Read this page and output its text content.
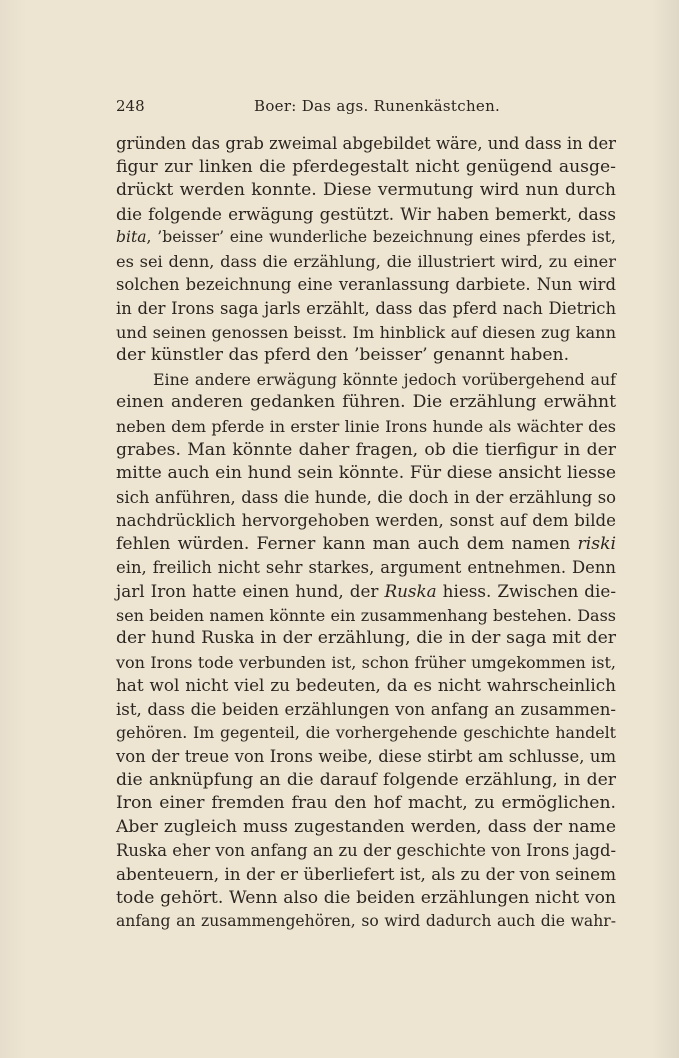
248	Boer: Das ags. Runenkästchen.
gründen das grab zweimal abgebildet wäre, und dass in der
figur zur linken die pferdegestalt nicht genügend ausge-
drückt werden konnte. Diese vermutung wird nun durch
die folgende erwägung gestützt. Wir haben bemerkt, dass
bita, ’beisser’ eine wunderliche bezeichnung eines pferdes ist,
es sei denn, dass die erzählung, die illustriert wird, zu einer
solchen bezeichnung eine veranlassung darbiete. Nun wird
in der Irons saga jarls erzählt, dass das pferd nach Dietrich
und seinen genossen beisst. Im hinblick auf diesen zug kann
der künstler das pferd den ’beisser’ genannt haben.
Eine andere erwägung könnte jedoch vorübergehend auf
einen anderen gedanken führen. Die erzählung erwähnt
neben dem pferde in erster linie Irons hunde als wächter des
grabes. Man könnte daher fragen, ob die tierfigur in der
mitte auch ein hund sein könnte. Für diese ansicht liesse
sich anführen, dass die hunde, die doch in der erzählung so
nachdrücklich hervorgehoben werden, sonst auf dem bilde
fehlen würden. Ferner kann man auch dem namen riski
ein, freilich nicht sehr starkes, argument entnehmen. Denn
jarl Iron hatte einen hund, der Ruska hiess. Zwischen die-
sen beiden namen könnte ein zusammenhang bestehen. Dass
der hund Ruska in der erzählung, die in der saga mit der
von Irons tode verbunden ist, schon früher umgekommen ist,
hat wol nicht viel zu bedeuten, da es nicht wahrscheinlich
ist, dass die beiden erzählungen von anfang an zusammen-
gehören. Im gegenteil, die vorhergehende geschichte handelt
von der treue von Irons weibe, diese stirbt am schlusse, um
die anknüpfung an die darauf folgende erzählung, in der
Iron einer fremden frau den hof macht, zu ermöglichen.
Aber zugleich muss zugestanden werden, dass der name
Ruska eher von anfang an zu der geschichte von Irons jagd-
abenteuern, in der er überliefert ist, als zu der von seinem
tode gehört. Wenn also die beiden erzählungen nicht von
anfang an zusammengehören, so wird dadurch auch die wahr-
